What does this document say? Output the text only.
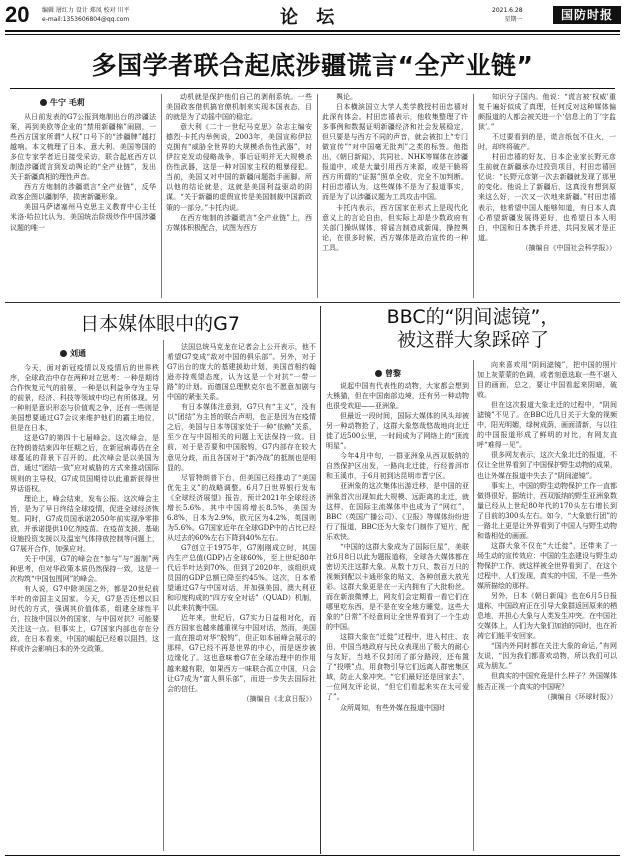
20 编辑 屠红力 设计 郑凤 校对 川平
e-mail:1353606804@qq.com	论 坛	2021.6.28
星期一	国防时报
多国学者联合起底涉疆谎言“全产业链”
牛宁 毛莉

从日前发表的G7公报到炮制出台的涉疆法案，再到美欧等企业的“禁用新疆棉”闹剧，一些西方国家所谓“人权”口号下的“涉疆牌”越打越响。本文梳理了日本、意大利、美国等国的多位专家学者近日接受采访，联合起底西方以制造涉疆谎言到发动舆论的“全产业链”，发出关于新疆真相的理性声音。

西方方炮制的涉疆谎言“全产业链”，反华政客企图以疆制华，损害新疆形象。

美国马萨诸塞州马克思主义教育中心主任米洛·哈拉比认为，美国统治阶级炒作中国涉疆议题的唯一

动机就是保护他们自己的剥削系统。一些美国政客借机搞官僚机制来实现本国表态，目的就是为了动摇中国的稳定。

意大利《二十一世纪马克思》杂志主编安德烈·卡托内举例说，2003年，美国宣称伊拉克拥有“威胁全世界的大规模杀伤性武器”，对伊拉克发动侵略战争，事后证明并无大规模杀伤性武器，这是一种对国家主权的粗暴侵犯。当前，美国又对中国的新疆问题指手画脚。所以他的结论就是，这就是美国利益驱动的阴谋。“关于新疆的虚假宣传是美国制裁中国新政策的一部分。”卡托内说。

在西方炮制的涉疆谎言“全产业链”上，西方媒体积极配合，试图为西方

舆论。

日本横滨国立大学人类学教授村田忠禧对此深有体会。村田忠禧表示，他收集整理了许多事例和数据证明新疆经济和社会发展稳定，但只要是与西方不同的声音，就会被扣上“专门做宣传”“对中国毫无批判”之类的标签。他指出，《朝日新闻》、共同社、NHK等媒体在涉疆报道中，或是大量引用西方来源，或是干脆将西方所谓的“证据”照单全收，完全不加判断。村田忠禧认为，这些媒体不是为了报道事实，而是为了以涉疆议题为工具攻击中国。

卡托内表示，西方国家在形式上是现代化意义上的言论自由，但实际上却是少数政府有关部门操纵媒体，将谣言制造成新闻，操控舆论，在很多时候，西方媒体是政治宣传的一种工具。

知识分子国内。他说：“谎言被‘权威’重复千遍好似成了真理，任何反对这种媒体偏颇报道的人都会被关进一个‘信息上的丁’字监狱’。”

不过要看到的是，谎言纸包不住火，一时，却终将破产。

村田忠禧的好友、日本企业家长野元彦生前就在新疆承办过投资项目，村田忠禧回忆说：“长野元彦第一次去新疆就发现了那里的变化。他说上了新疆后，这真没有想到原来这么好，一次又一次地来新疆。”村田忠禧表示，他希望中国人能够知道，有日本人真心希望新疆发展得更好，也希望日本人明白，中国和日本携手并进，共同发展才是正道。

（摘编自《中国社会科学报》）

日本媒体眼中的G7
刘通

今天，面对新冠疫情以及疫情后的世界秩序，全球政治中存在两种对立思考：一种是期待合作恢复元气的前景，一种是以利益争夺为主导的前景，经济、科技等领域中均已有所体现。另一种则是意识形态与价值观之争，还有一些则是美国想要通过G7会议来维护他们的霸主地位，但是在日本，

这是G7的第四十七届峰会。这次峰会，是在特朗普结束四年任期之后，在新冠病毒仍在全球蔓延的背景下召开的。此次峰会是以美国为首，通过“团结一致”应对威胁的方式来推动国际规则的主导权，G7成员国期待以此重新获得世界话语权。

理论上，峰会结束，发布公报。这次峰会主旨，是为了早日终结全球疫情，促进全球经济恢复。同时，G7成员国承诺2050年前实现净零排放，并承诺提供10亿剂疫苗。在疫苗支援、基础设施投资支援以及温室气体排放控制等问题上，G7展开合作，加强应对。

关于中国，G7的峰会在“参与”与“遏制”两种思考，但对华政策本质仍然保持一致，这是一次构筑“中国包围网”的峰会。

有人说，G7中除美国之外，都是20世纪前半叶的帝国主义国家。今天，G7是否还想以旧时代的方式，强调其价值体系，组建全球性平台，拉拢中国以外的国家，与中国对抗？可能要关注这一点。但事实上，G7国家内部也存在分歧，在日本看来，中国的崛起已经难以阻挡，这样或许会影响日本的外交政策。

法国总统马克龙在记者会上公开表示，他不希望G7变成“敌对中国的俱乐部”。另外，对于G7出台的庞大的基建援助计划，美国首相约翰逊亦持观望态度，认为这是一个对抗“一带一路”的计划。而德国总理默克尔也不愿意加剧与中国的紧张关系。

有日本媒体注意到，G7只有“主义”，没有以“团结”为主旨的联合声明，也正是因为在疫情之后，美国与日本等国家处于一种“依赖”关系，至少在与中国相关的问题上无法保持一致。目前，对于是否要和中国脱钩，G7内部存在较大意见分歧，而且各国对于“新冷战”的抵制也是明显的。

尽管特朗普下台，但美国已经推动了“美国优先主义”的战略调整。6月7日世界银行发布《全球经济展望》报告，预计2021年全球经济增长5.6%，其中中国将增长8.5%，美国为6.8%，日本为2.9%，欧元区为4.2%，英国则为5.6%。G7国家近年在全球GDP中的占比已经从过去的60%左右下降到40%左右。

G7创立于1975年，G7刚刚成立时，其国内生产总值(GDP)占全球60%，至上世纪80年代后半叶达到70%，但到了2020年，该组织成员国的GDP总额已降至约45%。这次，日本希望通过G7与中国对话，并加强美国、澳大利亚和印度构成的“四方安全对话”（QUAD）机制，以此来抗衡中国。

近年来，世纪后，G7实力日益相对化，而西方国家也越来越重视与中国对话，然而，美国一直在推动对华“脱钩”，但正如本届峰会展示的那样，G7已经不再是世界的中心，而是逐步被边缘化了。这也意味着G7在全球治理中的作用越来越有限，如果西方一味联合孤立中国，只会让G7成为“富人俱乐部”，而进一步失去国际社会的信任。

（摘编自《北京日报》）

BBC的“阴间滤镜”，
被这群大象踩碎了
曾黎

说起中国有代表性的动物，大家都会想到大熊猫，但在中国南部边境，还有另一种动物也很受欢迎——亚洲象。

但最近一段时间，国际大媒体的风头却被另一种动物抢了，这群大象悠哉悠哉地向北迁徙了近500公里，一时间成为了网络上的“顶流明星”。

今年4月中旬，一群亚洲象从西双版纳的自然保护区出发，一路向北迁徙，行经普洱市和玉溪市，于6月初到达昆明市晋宁区。

亚洲象的这次集体出游迁移，是中国的亚洲象首次出现如此大规模、远距离的北迁，就这样，在国际主流媒体中也成为了“网红”，BBC（英国广播公司）、《卫报》等媒体纷纷进行了报道，BBC还为大象专门制作了短片，配乐欢快。

“中国的这群大象成为了国际巨星”，美联社6月8日以此为题报道称，全球各大媒体都在密切关注这群大象。从数十万只、数百万只的视频到配以卡通形象的贴文，各种创意大放光彩。这群大象更是在一天内拥有了大批粉丝。而在新浪微博上，网友们会定期看一看它们在哪里吃东西，是不是在安全地方睡觉。这些大象的“日常”不经意间让全世界看到了一个生动的中国。

这群大象在“迁徙”过程中，进入村庄、农田，中国当地政府与民众表现出了极大的耐心与友好，当地不仅封闭了部分路段，还布置了“投喂”点，用食物引导它们远离人群密集区域，防止人象冲突。“它们最好还是回家去”，一位网友评论说，“但它们看起来实在太可爱了”。

众所周知，有些外媒在报道中国时

向来喜欢用“阴间滤镜”，把中国的照片加上灰蒙蒙的色调，或者刻意选取一些不堪入目的画面，总之，要让中国看起来阴暗，破败。

但在这次报道大象北迁的过程中，“阴间滤镜”不见了。在BBC近几日关于大象的视频中，阳光明媚，绿树成荫，画面清新，与以往的中国报道形成了鲜明的对比，有网友直呼“难得一见”。

很多网友表示，这次大象北迁的报道，不仅让全世界看到了中国保护野生动物的成果，也让外媒在报道中失去了“阴间滤镜”。

事实上，中国的野生动物保护工作一直都做得很好，据统计，西双版纳的野生亚洲象数量已经从上世纪80年代的170头左右增长到了目前的300头左右。如今，“大象旅行团”的一路北上更是让外界看到了中国人与野生动物和谐相处的画面。

这群大象不仅在“大迁徙”，还带来了一场生动的宣传效应：中国的生态建设与野生动物保护工作，就这样被全世界看到了，在这个过程中，人们发现，真实的中国，不是一些外媒所描绘的那样。

另外，日本《朝日新闻》也在6月5日报道称，中国政府正在引导大象群返回原来的栖息地，并担心大象与人类发生冲突。在中国社交媒体上，人们为大象们加油的同时，也在祈祷它们能平安回家。

“国内外同时都在关注大象的命运，”有网友说，“因为我们都喜欢动物，所以我们可以成为朋友。”

但真实的中国究竟是什么样子？外国媒体能否正视一个真实的中国呢？

（摘编自《环球时报》）
